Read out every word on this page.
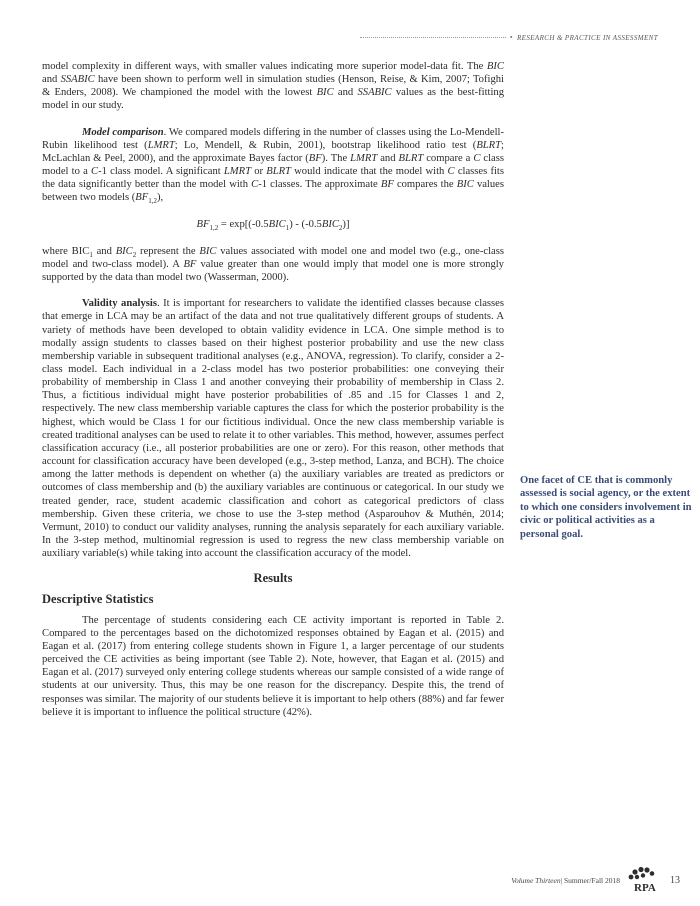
• RESEARCH & PRACTICE IN ASSESSMENT

model complexity in different ways, with smaller values indicating more superior model-data fit. The BIC and SSABIC have been shown to perform well in simulation studies (Henson, Reise, & Kim, 2007; Tofighi & Enders, 2008). We championed the model with the lowest BIC and SSABIC values as the best-fitting model in our study.

Model comparison. We compared models differing in the number of classes using the Lo-Mendell-Rubin likelihood test (LMRT; Lo, Mendell, & Rubin, 2001), bootstrap likelihood ratio test (BLRT; McLachlan & Peel, 2000), and the approximate Bayes factor (BF). The LMRT and BLRT compare a C class model to a C-1 class model. A significant LMRT or BLRT would indicate that the model with C classes fits the data significantly better than the model with C-1 classes. The approximate BF compares the BIC values between two models $(BF_{1,2})$,

$BF_{1,2} = \exp[(-0.5BIC_1) - (-0.5BIC_2)]$

where $BIC_1$ and $BIC_2$ represent the BIC values associated with model one and model two (e.g., one-class model and two-class model). A BF value greater than one would imply that model one is more strongly supported by the data than model two (Wasserman, 2000).

Validity analysis. It is important for researchers to validate the identified classes because classes that emerge in LCA may be an artifact of the data and not true qualitatively different groups of students. A variety of methods have been developed to obtain validity evidence in LCA. One simple method is to modally assign students to classes based on their highest posterior probability and use the new class membership variable in subsequent traditional analyses (e.g., ANOVA, regression). To clarify, consider a 2-class model. Each individual in a 2-class model has two posterior probabilities: one conveying their probability of membership in Class 1 and another conveying their probability of membership in Class 2. Thus, a fictitious individual might have posterior probabilities of .85 and .15 for Classes 1 and 2, respectively. The new class membership variable captures the class for which the posterior probability is the highest, which would be Class 1 for our fictitious individual. Once the new class membership variable is created traditional analyses can be used to relate it to other variables. This method, however, assumes perfect classification accuracy (i.e., all posterior probabilities are one or zero). For this reason, other methods that account for classification accuracy have been developed (e.g., 3-step method, Lanza, and BCH). The choice among the latter methods is dependent on whether (a) the auxiliary variables are treated as predictors or outcomes of class membership and (b) the auxiliary variables are continuous or categorical. In our study we treated gender, race, student academic classification and cohort as categorical predictors of class membership. Given these criteria, we chose to use the 3-step method (Asparouhov & Muthén, 2014; Vermunt, 2010) to conduct our validity analyses, running the analysis separately for each auxiliary variable. In the 3-step method, multinomial regression is used to regress the new class membership variable on auxiliary variable(s) while taking into account the classification accuracy of the model.

Results
Descriptive Statistics

The percentage of students considering each CE activity important is reported in Table 2. Compared to the percentages based on the dichotomized responses obtained by Eagan et al. (2015) and Eagan et al. (2017) from entering college students shown in Figure 1, a larger percentage of our students perceived the CE activities as being important (see Table 2). Note, however, that Eagan et al. (2015) and Eagan et al. (2017) surveyed only entering college students whereas our sample consisted of a wide range of students at our university. Thus, this may be one reason for the discrepancy. Despite this, the trend of responses was similar. The majority of our students believe it is important to help others (88%) and far fewer believe it is important to influence the political structure (42%).

One facet of CE that is commonly assessed is social agency, or the extent to which one considers involvement in civic or political activities as a personal goal.
Volume Thirteen | Summer/Fall 2018
RPA
13
